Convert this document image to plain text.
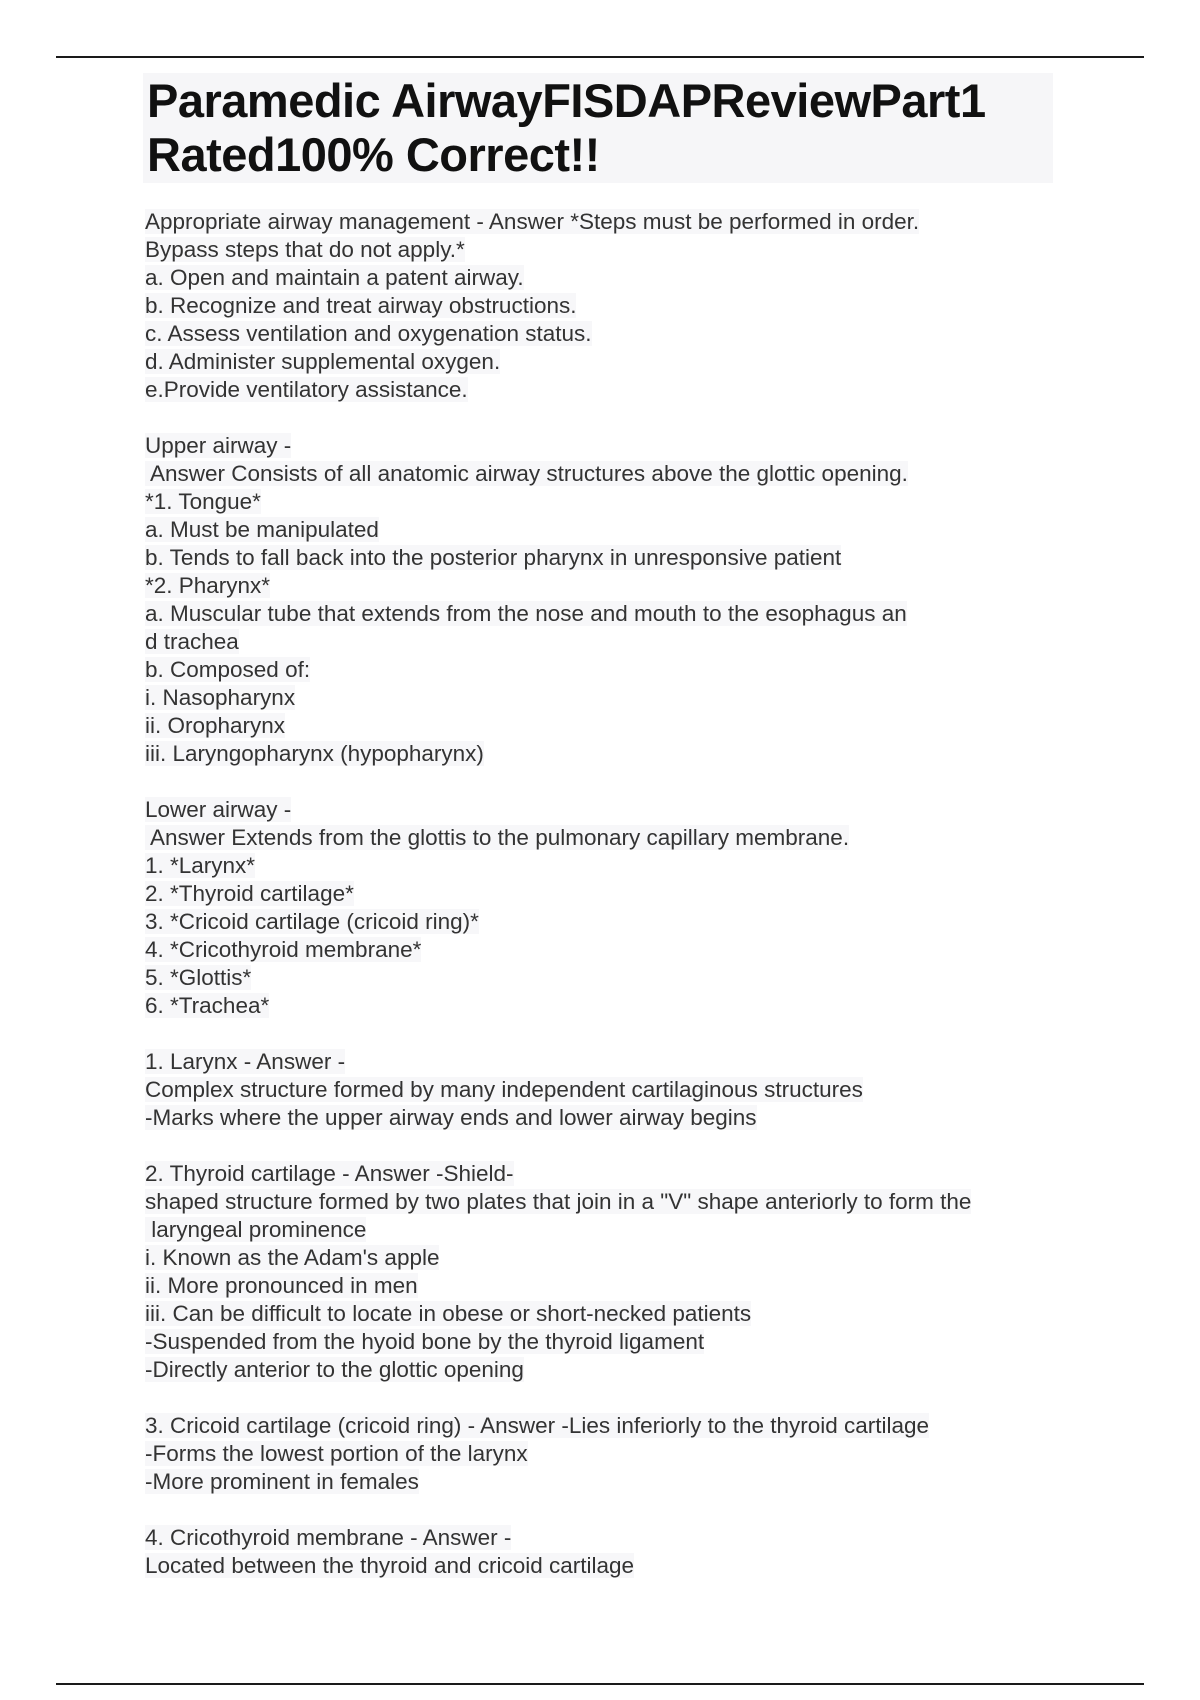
Paramedic AirwayFISDAPReviewPart1
Rated100% Correct!!
Appropriate airway management - Answer *Steps must be performed in order.
Bypass steps that do not apply.*
a. Open and maintain a patent airway.
b. Recognize and treat airway obstructions.
c. Assess ventilation and oxygenation status.
d. Administer supplemental oxygen.
e.Provide ventilatory assistance.
Upper airway -
Answer Consists of all anatomic airway structures above the glottic opening.
*1. Tongue*
a. Must be manipulated
b. Tends to fall back into the posterior pharynx in unresponsive patient
*2. Pharynx*
a. Muscular tube that extends from the nose and mouth to the esophagus an
d trachea
b. Composed of:
i. Nasopharynx
ii. Oropharynx
iii. Laryngopharynx (hypopharynx)
Lower airway -
Answer Extends from the glottis to the pulmonary capillary membrane.
1. *Larynx*
2. *Thyroid cartilage*
3. *Cricoid cartilage (cricoid ring)*
4. *Cricothyroid membrane*
5. *Glottis*
6. *Trachea*
1. Larynx - Answer -
Complex structure formed by many independent cartilaginous structures
-Marks where the upper airway ends and lower airway begins
2. Thyroid cartilage - Answer -Shield-
shaped structure formed by two plates that join in a "V" shape anteriorly to form the
laryngeal prominence
i. Known as the Adam's apple
ii. More pronounced in men
iii. Can be difficult to locate in obese or short-necked patients
-Suspended from the hyoid bone by the thyroid ligament
-Directly anterior to the glottic opening
3. Cricoid cartilage (cricoid ring) - Answer -Lies inferiorly to the thyroid cartilage
-Forms the lowest portion of the larynx
-More prominent in females
4. Cricothyroid membrane - Answer -
Located between the thyroid and cricoid cartilage
